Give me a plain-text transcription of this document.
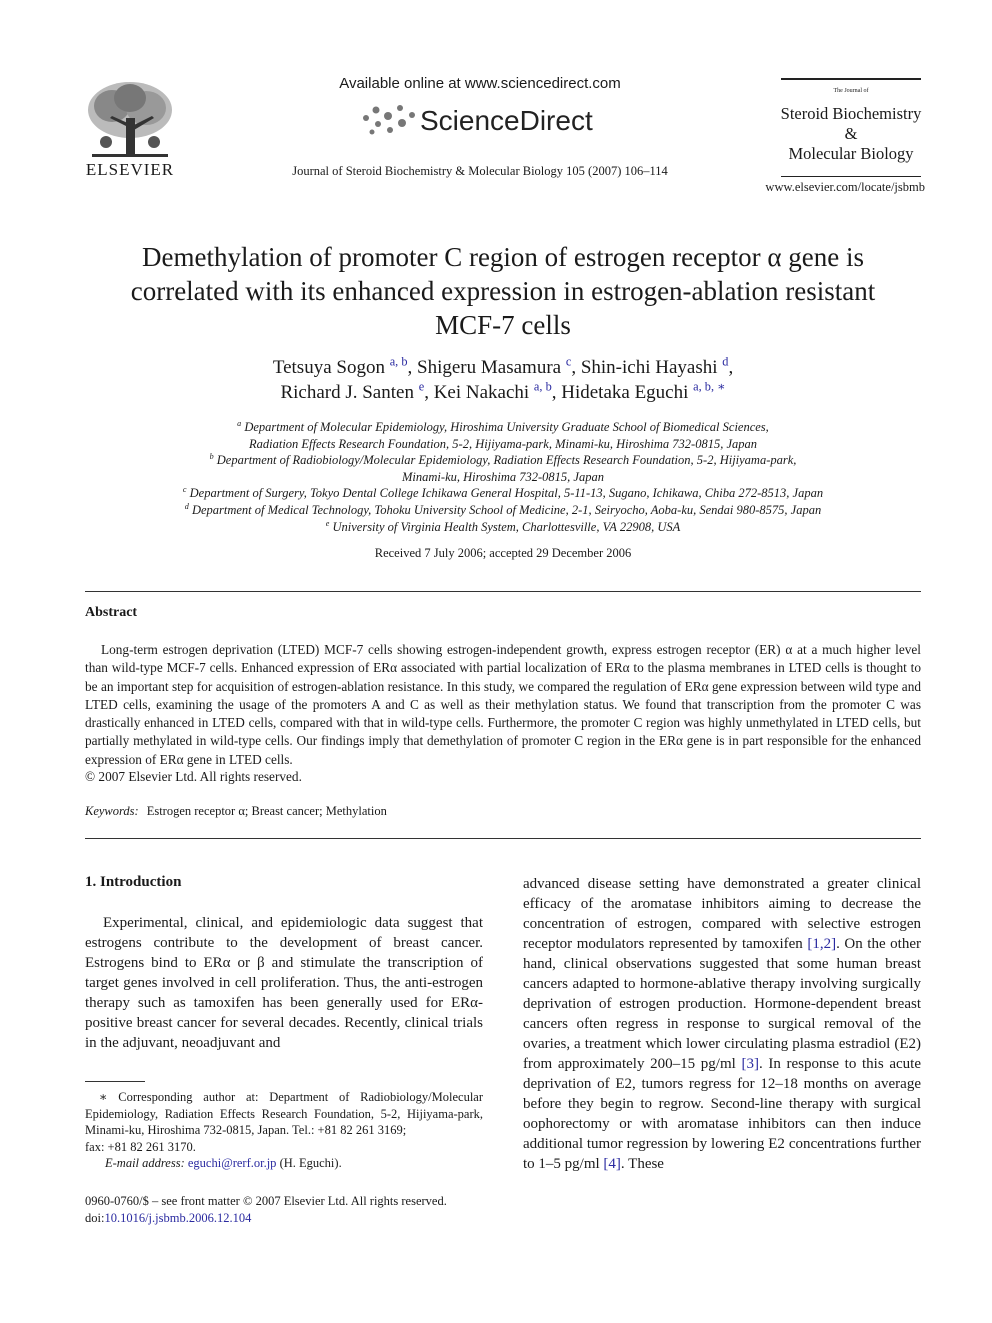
ELSEVIER
Available online at www.sciencedirect.com
ScienceDirect
Journal of Steroid Biochemistry & Molecular Biology 105 (2007) 106–114
The Journal of
Steroid Biochemistry
&
Molecular Biology
www.elsevier.com/locate/jsbmb
Demethylation of promoter C region of estrogen receptor α gene is correlated with its enhanced expression in estrogen-ablation resistant MCF-7 cells
Tetsuya Sogon $^{a, b}$, Shigeru Masamura $^c$, Shin-ichi Hayashi $^d$,
Richard J. Santen $^e$, Kei Nakachi $^{a, b}$, Hidetaka Eguchi $^{a, b, ∗}$
$^a$ Department of Molecular Epidemiology, Hiroshima University Graduate School of Biomedical Sciences,
Radiation Effects Research Foundation, 5-2, Hijiyama-park, Minami-ku, Hiroshima 732-0815, Japan
$^b$ Department of Radiobiology/Molecular Epidemiology, Radiation Effects Research Foundation, 5-2, Hijiyama-park,
Minami-ku, Hiroshima 732-0815, Japan
$^c$ Department of Surgery, Tokyo Dental College Ichikawa General Hospital, 5-11-13, Sugano, Ichikawa, Chiba 272-8513, Japan
$^d$ Department of Medical Technology, Tohoku University School of Medicine, 2-1, Seiryocho, Aoba-ku, Sendai 980-8575, Japan
$^e$ University of Virginia Health System, Charlottesville, VA 22908, USA
Received 7 July 2006; accepted 29 December 2006
Abstract

Long-term estrogen deprivation (LTED) MCF-7 cells showing estrogen-independent growth, express estrogen receptor (ER) α at a much higher level than wild-type MCF-7 cells. Enhanced expression of ERα associated with partial localization of ERα to the plasma membranes in LTED cells is thought to be an important step for acquisition of estrogen-ablation resistance. In this study, we compared the regulation of ERα gene expression between wild type and LTED cells, examining the usage of the promoters A and C as well as their methylation status. We found that transcription from the promoter C was drastically enhanced in LTED cells, compared with that in wild-type cells. Furthermore, the promoter C region was highly unmethylated in LTED cells, but partially methylated in wild-type cells. Our findings imply that demethylation of promoter C region in the ERα gene is in part responsible for the enhanced expression of ERα gene in LTED cells.

© 2007 Elsevier Ltd. All rights reserved.
Keywords: Estrogen receptor α; Breast cancer; Methylation
1. Introduction

Experimental, clinical, and epidemiologic data suggest that estrogens contribute to the development of breast cancer. Estrogens bind to ERα or β and stimulate the transcription of target genes involved in cell proliferation. Thus, the anti-estrogen therapy such as tamoxifen has been generally used for ERα-positive breast cancer for several decades. Recently, clinical trials in the adjuvant, neoadjuvant and

advanced disease setting have demonstrated a greater clinical efficacy of the aromatase inhibitors aiming to decrease the concentration of estrogen, compared with selective estrogen receptor modulators represented by tamoxifen [1,2]. On the other hand, clinical observations suggested that some human breast cancers adapted to hormone-ablative therapy involving surgically deprivation of estrogen production. Hormone-dependent breast cancers often regress in response to surgical removal of the ovaries, a treatment which lower circulating plasma estradiol (E2) from approximately 200–15 pg/ml [3]. In response to this acute deprivation of E2, tumors regress for 12–18 months on average before they begin to regrow. Second-line therapy with surgical oophorectomy or with aromatase inhibitors can then induce additional tumor regression by lowering E2 concentrations further to 1–5 pg/ml [4]. These

∗ Corresponding author at: Department of Radiobiology/Molecular Epidemiology, Radiation Effects Research Foundation, 5-2, Hijiyama-park, Minami-ku, Hiroshima 732-0815, Japan. Tel.: +81 82 261 3169;

fax: +81 82 261 3170.

E-mail address: eguchi@rerf.or.jp (H. Eguchi).

0960-0760/$ – see front matter © 2007 Elsevier Ltd. All rights reserved.
doi:10.1016/j.jsbmb.2006.12.104
